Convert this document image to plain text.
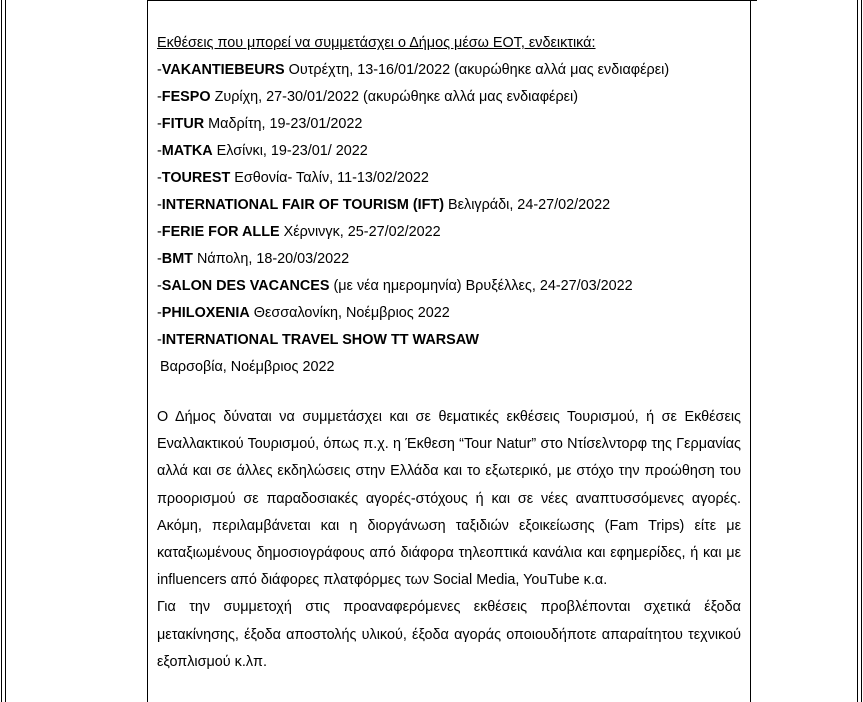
Εκθέσεις που μπορεί να συμμετάσχει ο Δήμος μέσω ΕΟΤ, ενδεικτικά:
-VAKANTIEBEURS Ουτρέχτη, 13-16/01/2022 (ακυρώθηκε αλλά μας ενδιαφέρει)
-FESPO Ζυρίχη, 27-30/01/2022 (ακυρώθηκε αλλά μας ενδιαφέρει)
-FITUR Μαδρίτη, 19-23/01/2022
-MATKA Ελσίνκι, 19-23/01/ 2022
-TOUREST Εσθονία- Ταλίν, 11-13/02/2022
-INTERNATIONAL FAIR OF TOURISM (IFT) Βελιγράδι, 24-27/02/2022
-FERIE FOR ALLE Χέρνινγκ, 25-27/02/2022
-BMT Νάπολη, 18-20/03/2022
-SALON DES VACANCES (με νέα ημερομηνία) Βρυξέλλες, 24-27/03/2022
-PHILOXENIA Θεσσαλονίκη, Νοέμβριος 2022
-INTERNATIONAL TRAVEL SHOW TT WARSAW
Βαρσοβία, Νοέμβριος 2022

Ο Δήμος δύναται να συμμετάσχει και σε θεματικές εκθέσεις Τουρισμού, ή σε Εκθέσεις Εναλλακτικού Τουρισμού, όπως π.χ. η Έκθεση “Tour Natur” στο Ντίσελντορφ της Γερμανίας αλλά και σε άλλες εκδηλώσεις στην Ελλάδα και το εξωτερικό, με στόχο την προώθηση του προορισμού σε παραδοσιακές αγορές-στόχους ή και σε νέες αναπτυσσόμενες αγορές. Ακόμη, περιλαμβάνεται και η διοργάνωση ταξιδιών εξοικείωσης (Fam Trips) είτε με καταξιωμένους δημοσιογράφους από διάφορα τηλεοπτικά κανάλια και εφημερίδες, ή και με influencers από διάφορες πλατφόρμες των Social Media, YouTube κ.α.

Για την συμμετοχή στις προαναφερόμενες εκθέσεις προβλέπονται σχετικά έξοδα μετακίνησης, έξοδα αποστολής υλικού, έξοδα αγοράς οποιουδήποτε απαραίτητου τεχνικού εξοπλισμού κ.λπ.
